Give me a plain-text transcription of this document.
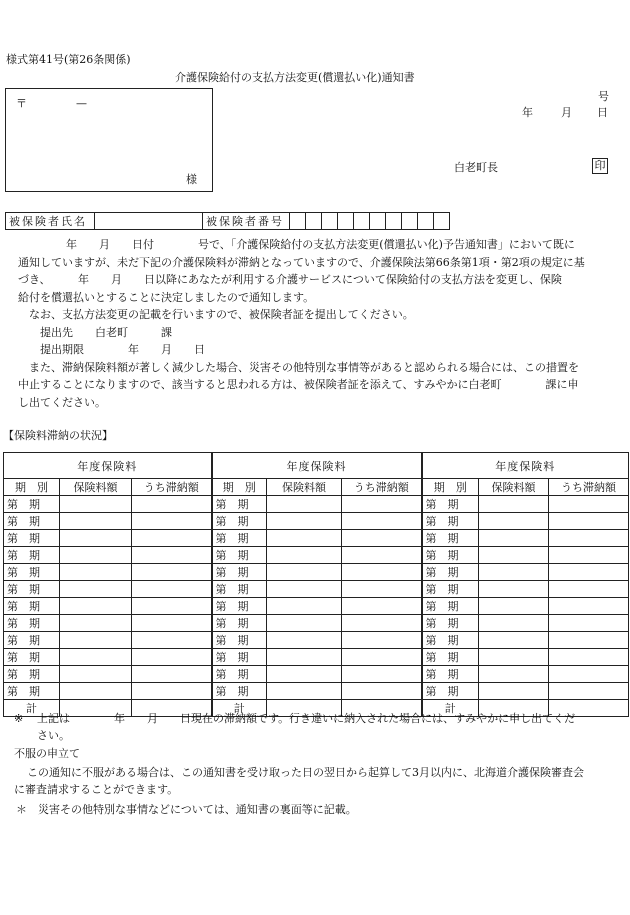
様式第41号(第26条関係)
介護保険給付の支払方法変更(償還払い化)通知書
号
年	月 日
白老町長	印
〒	—
様
被保険者氏名		被保険者番号										
年　　月　　日付　　　　号で、「介護保険給付の支払方法変更(償還払い化)予告通知書」において既に
通知していますが、未だ下記の介護保険料が滞納となっていますので、介護保険法第66条第1項・第2項の規定に基
づき、　　　年　　月　　日以降にあなたが利用する介護サービスについて保険給付の支払方法を変更し、保険
給付を償還払いとすることに決定しましたので通知します。
なお、支払方法変更の記載を行いますので、被保険者証を提出してください。
提出先　　白老町　　　課
提出期限　　　　年　　月　　日
また、滞納保険料額が著しく減少した場合、災害その他特別な事情等があると認められる場合には、この措置を
中止することになりますので、該当すると思われる方は、被保険者証を添えて、すみやかに白老町　　　　課に申
し出てください。
【保険料滞納の状況】
年度保険料			年度保険料			年度保険料		
期　別	保険料額	うち滞納額	期　別	保険料額	うち滞納額	期　別	保険料額	うち滞納額
第　期			第　期			第　期		
第　期			第　期			第　期		
第　期			第　期			第　期		
第　期			第　期			第　期		
第　期			第　期			第　期		
第　期			第　期			第　期		
第　期			第　期			第　期		
第　期			第　期			第　期		
第　期			第　期			第　期		
第　期			第　期			第　期		
第　期			第　期			第　期		
第　期			第　期			第　期		
計			計			計		
※ 上記は　　　　年　　月　　日現在の滞納額です。行き違いに納入された場合には、すみやかに申し出てくだ
さい。
不服の申立て
この通知に不服がある場合は、この通知書を受け取った日の翌日から起算して3月以内に、北海道介護保険審査会
に審査請求することができます。
＊　災害その他特別な事情などについては、通知書の裏面等に記載。
